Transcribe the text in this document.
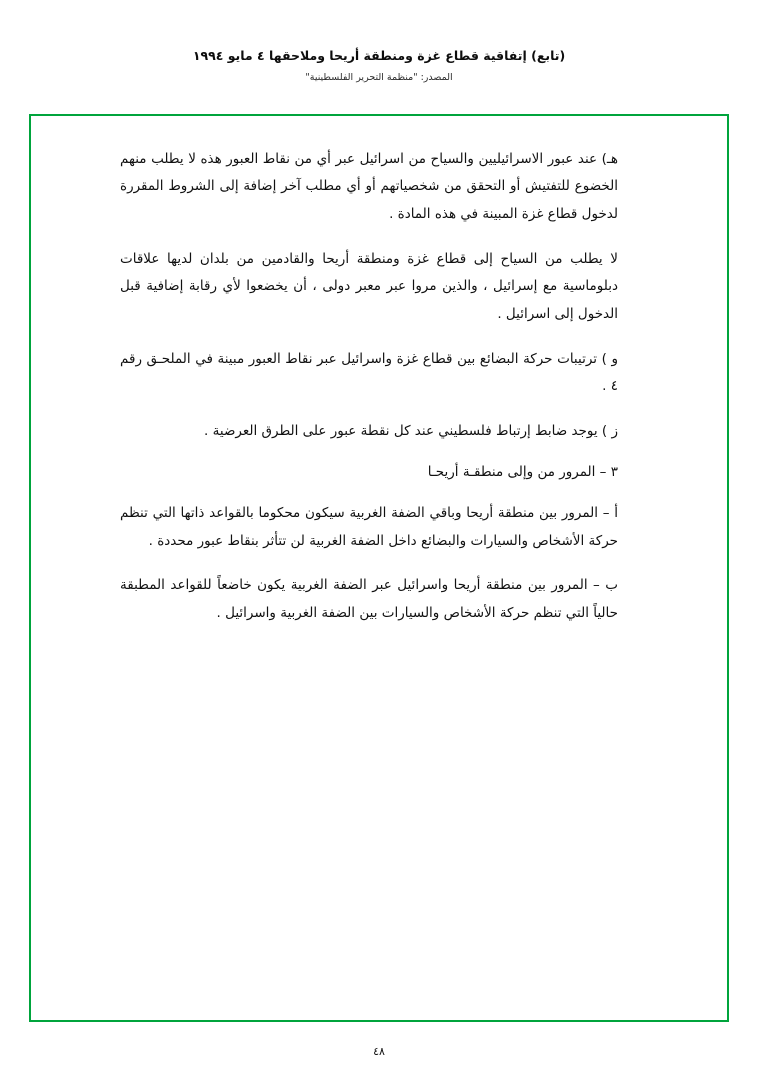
(تابع) إتفاقية قطاع غزة ومنطقة أريحا وملاحقها ٤ مايو ١٩٩٤
المصدر: "منظمة التحرير الفلسطينية"

هـ) عند عبور الاسرائيليين والسياح من اسرائيل عبر أي من نقاط العبور هذه لا يطلب منهم الخضوع للتفتيش أو التحقق من شخصياتهم أو أي مطلب آخر إضافة إلى الشروط المقررة لدخول قطاع غزة المبينة في هذه المادة .

لا يطلب من السياح إلى قطاع غزة ومنطقة أريحا والقادمين من بلدان لديها علاقات دبلوماسية مع إسرائيل ، والذين مروا عبر معبر دولى ، أن يخضعوا لأي رقابة إضافية قبل الدخول إلى اسرائيل .

و ) ترتيبات حركة البضائع بين قطاع غزة واسرائيل عبر نقاط العبور مبينة في الملحـق رقم ٤ .

ز ) يوجد ضابط إرتباط فلسطيني عند كل نقطة عبور على الطرق العرضية .

٣ – المرور من وإلى منطقـة أريحـا

أ – المرور بين منطقة أريحا وباقي الضفة الغربية سيكون محكوما بالقواعد ذاتها التي تنظم حركة الأشخاص والسيارات والبضائع داخل الضفة الغربية لن تتأثر بنقاط عبور محددة .

ب – المرور بين منطقة أريحا واسرائيل عبر الضفة الغربية يكون خاضعاً للقواعد المطبقة حالياً التي تنظم حركة الأشخاص والسيارات بين الضفة الغربية واسرائيل .

٤٨
